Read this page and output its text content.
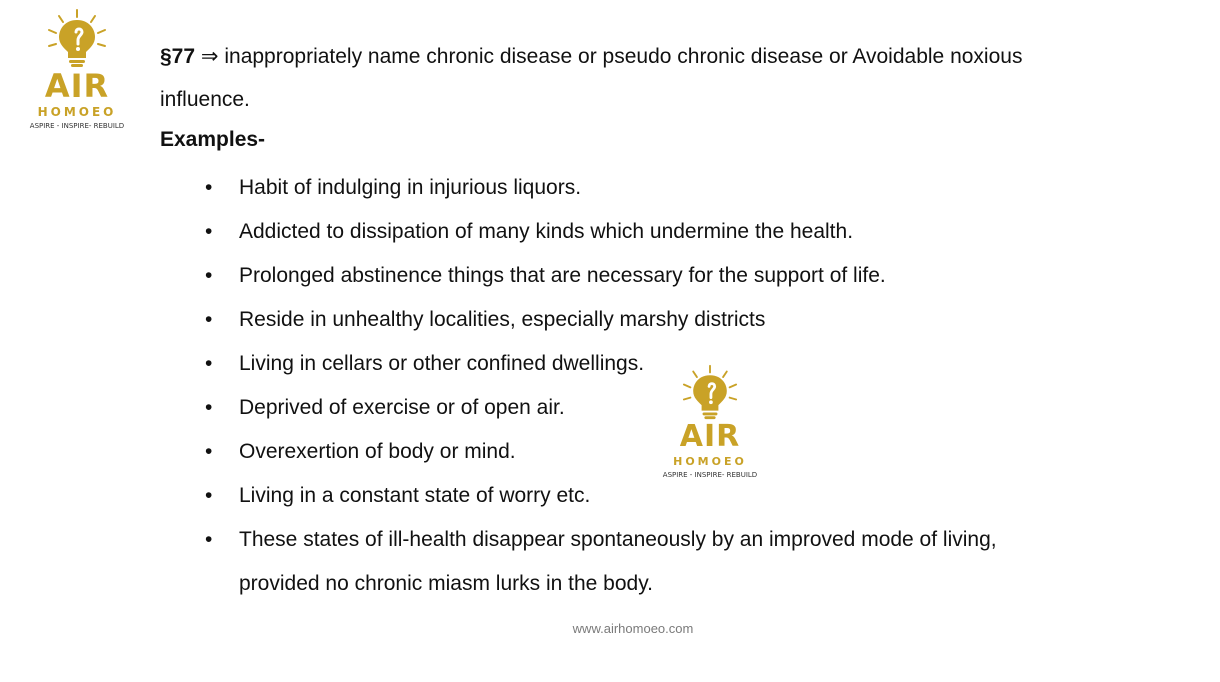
AIR
HOMOEO
ASPIRE - INSPIRE- REBUILD
AIR
HOMOEO
ASPIRE - INSPIRE- REBUILD
§77 ⇒ inappropriately name chronic disease or pseudo chronic disease or Avoidable noxious influence.
Examples-
• Habit of indulging in injurious liquors.
• Addicted to dissipation of many kinds which undermine the health.
• Prolonged abstinence things that are necessary for the support of life.
• Reside in unhealthy localities, especially marshy districts
• Living in cellars or other confined dwellings.
• Deprived of exercise or of open air.
• Overexertion of body or mind.
• Living in a constant state of worry etc.
• These states of ill-health disappear spontaneously by an improved mode of living, provided no chronic miasm lurks in the body.
www.airhomoeo.com
